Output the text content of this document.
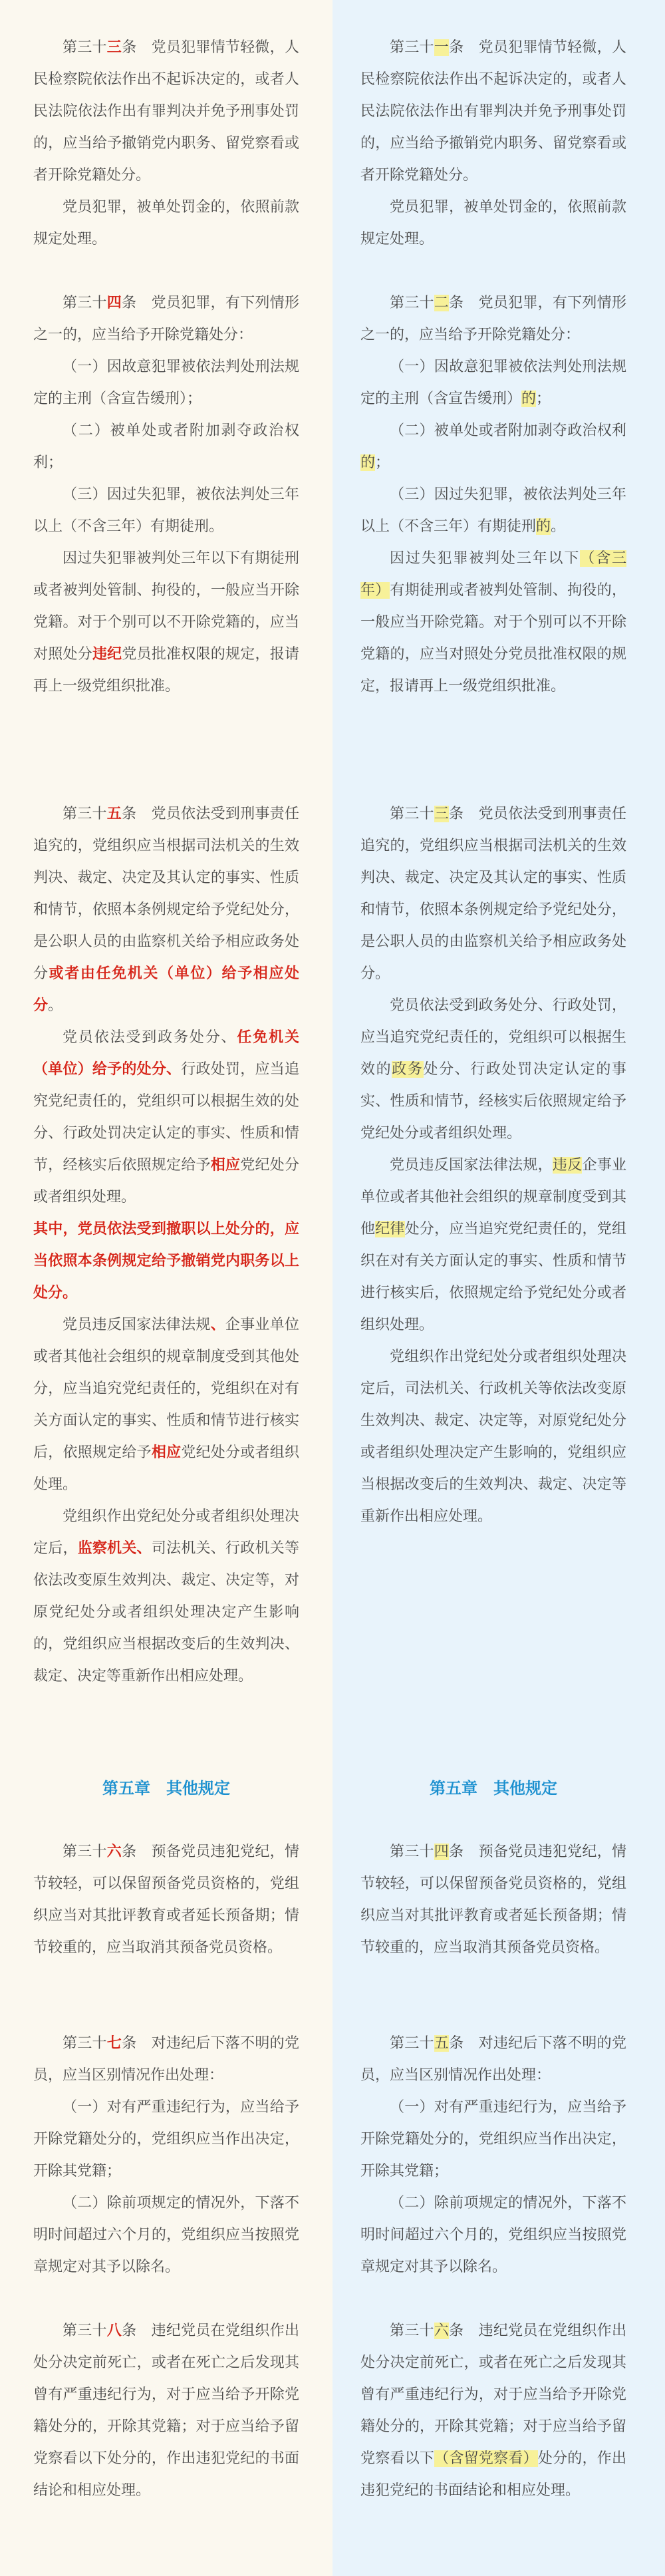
第三十三条　 党员犯罪情节轻微，人民检察院依法作出不起诉决定的，或者人民法院依法作出有罪判决并免予刑事处罚的，应当给予撤销党内职务、留党察看或者开除党籍处分。

党员犯罪，被单处罚金的，依照前款规定处理。

第三十四条　 党员犯罪，有下列情形之一的，应当给予开除党籍处分：

（一）因故意犯罪被依法判处刑法规定的主刑（含宣告缓刑）；

（二）被单处或者附加剥夺政治权利；

（三）因过失犯罪，被依法判处三年以上（不含三年）有期徒刑。

因过失犯罪被判处三年以下有期徒刑或者被判处管制、拘役的，一般应当开除党籍。对于个别可以不开除党籍的，应当对照处分违纪党员批准权限的规定，报请再上一级党组织批准。

第三十五条　 党员依法受到刑事责任追究的，党组织应当根据司法机关的生效判决、裁定、决定及其认定的事实、性质和情节，依照本条例规定给予党纪处分，是公职人员的由监察机关给予相应政务处分或者由任免机关（单位）给予相应处分。

党员依法受到政务处分、任免机关（单位）给予的处分、行政处罚，应当追究党纪责任的，党组织可以根据生效的处分、行政处罚决定认定的事实、性质和情节，经核实后依照规定给予相应党纪处分或者组织处理。

其中，党员依法受到撤职以上处分的，应当依照本条例规定给予撤销党内职务以上处分。

党员违反国家法律法规、企事业单位或者其他社会组织的规章制度受到其他处分，应当追究党纪责任的，党组织在对有关方面认定的事实、性质和情节进行核实后，依照规定给予相应党纪处分或者组织处理。

党组织作出党纪处分或者组织处理决定后，监察机关、司法机关、行政机关等依法改变原生效判决、裁定、决定等，对原党纪处分或者组织处理决定产生影响的，党组织应当根据改变后的生效判决、裁定、决定等重新作出相应处理。

第五章　其他规定

第三十六条　 预备党员违犯党纪，情节较轻，可以保留预备党员资格的，党组织应当对其批评教育或者延长预备期；情节较重的，应当取消其预备党员资格。

第三十七条　 对违纪后下落不明的党员，应当区别情况作出处理：

（一）对有严重违纪行为，应当给予开除党籍处分的，党组织应当作出决定，开除其党籍；

（二）除前项规定的情况外，下落不明时间超过六个月的，党组织应当按照党章规定对其予以除名。

第三十八条　 违纪党员在党组织作出处分决定前死亡，或者在死亡之后发现其曾有严重违纪行为，对于应当给予开除党籍处分的，开除其党籍；对于应当给予留党察看以下处分的，作出违犯党纪的书面结论和相应处理。

第三十一条　 党员犯罪情节轻微，人民检察院依法作出不起诉决定的，或者人民法院依法作出有罪判决并免予刑事处罚的，应当给予撤销党内职务、留党察看或者开除党籍处分。

党员犯罪，被单处罚金的，依照前款规定处理。

第三十二条　 党员犯罪，有下列情形之一的，应当给予开除党籍处分：

（一）因故意犯罪被依法判处刑法规定的主刑（含宣告缓刑）的；

（二）被单处或者附加剥夺政治权利的；

（三）因过失犯罪，被依法判处三年以上（不含三年）有期徒刑的。

因过失犯罪被判处三年以下（含三年）有期徒刑或者被判处管制、拘役的，一般应当开除党籍。对于个别可以不开除党籍的，应当对照处分党员批准权限的规定，报请再上一级党组织批准。

第三十三条　 党员依法受到刑事责任追究的，党组织应当根据司法机关的生效判决、裁定、决定及其认定的事实、性质和情节，依照本条例规定给予党纪处分，是公职人员的由监察机关给予相应政务处分。

党员依法受到政务处分、行政处罚，应当追究党纪责任的，党组织可以根据生效的政务处分、行政处罚决定认定的事实、性质和情节，经核实后依照规定给予党纪处分或者组织处理。

党员违反国家法律法规，违反企事业单位或者其他社会组织的规章制度受到其他纪律处分，应当追究党纪责任的，党组织在对有关方面认定的事实、性质和情节进行核实后，依照规定给予党纪处分或者组织处理。

党组织作出党纪处分或者组织处理决定后，司法机关、行政机关等依法改变原生效判决、裁定、决定等，对原党纪处分或者组织处理决定产生影响的，党组织应当根据改变后的生效判决、裁定、决定等重新作出相应处理。

第五章　其他规定

第三十四条　 预备党员违犯党纪，情节较轻，可以保留预备党员资格的，党组织应当对其批评教育或者延长预备期；情节较重的，应当取消其预备党员资格。

第三十五条　 对违纪后下落不明的党员，应当区别情况作出处理：

（一）对有严重违纪行为，应当给予开除党籍处分的，党组织应当作出决定，开除其党籍；

（二）除前项规定的情况外，下落不明时间超过六个月的，党组织应当按照党章规定对其予以除名。

第三十六条　 违纪党员在党组织作出处分决定前死亡，或者在死亡之后发现其曾有严重违纪行为，对于应当给予开除党籍处分的，开除其党籍；对于应当给予留党察看以下（含留党察看）处分的，作出违犯党纪的书面结论和相应处理。
